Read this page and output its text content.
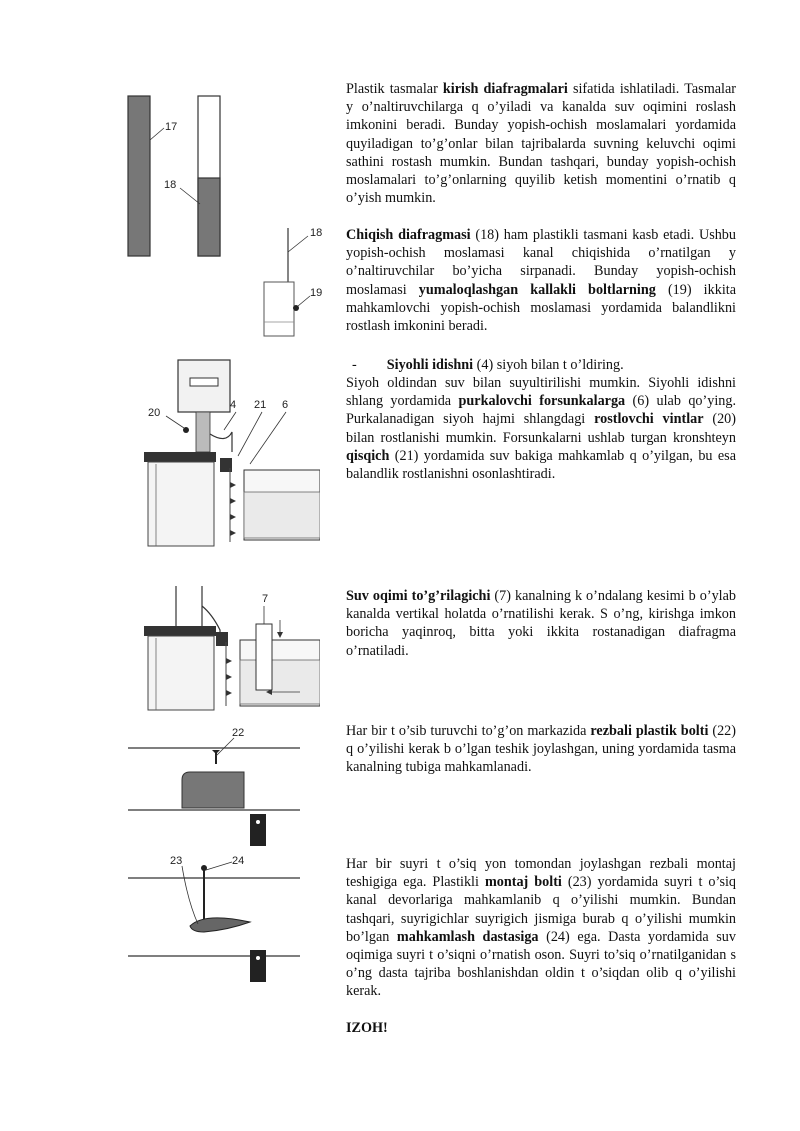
17
18
18
19
20
4 21 6
7
22
23	24

Plastik tasmalar kirish diafragmalari sifatida ishlatiladi. Tasmalar y o’naltiruvchilarga q o’yiladi va kanalda suv oqimini roslash imkonini beradi. Bunday yopish-ochish moslamalari yordamida quyiladigan to’g’onlar bilan tajribalarda suvning keluvchi oqimi sathini rostash mumkin. Bundan tashqari, bunday yopish-ochish moslamalari to’g’onlarning quyilib ketish momentini o’rnatib q o’yish mumkin.

Chiqish diafragmasi (18) ham plastikli tasmani kasb etadi. Ushbu yopish-ochish moslamasi kanal chiqishida o’rnatilgan y o’naltiruvchilar bo’yicha sirpanadi. Bunday yopish-ochish moslamasi yumaloqlashgan kallakli boltlarning (19) ikkita mahkamlovchi yopish-ochish moslamasi yordamida balandlikni rostlash imkonini beradi.

- Siyohli idishni (4) siyoh bilan t o’ldiring.

Siyoh oldindan suv bilan suyultirilishi mumkin. Siyohli idishni shlang yordamida purkalovchi forsunkalarga (6) ulab qo’ying. Purkalanadigan siyoh hajmi shlangdagi rostlovchi vintlar (20) bilan rostlanishi mumkin. Forsunkalarni ushlab turgan kronshteyn qisqich (21) yordamida suv bakiga mahkamlab q o’yilgan, bu esa balandlik rostlanishni osonlashtiradi.

Suv oqimi to’g’rilagichi (7) kanalning k o’ndalang kesimi b o’ylab kanalda vertikal holatda o’rnatilishi kerak. S o’ng, kirishga imkon boricha yaqinroq, bitta yoki ikkita rostanadigan diafragma o’rnatiladi.

Har bir t o’sib turuvchi to’g’on markazida rezbali plastik bolti (22) q o’yilishi kerak b o’lgan teshik joylashgan, uning yordamida tasma kanalning tubiga mahkamlanadi.

Har bir suyri t o’siq yon tomondan joylashgan rezbali montaj teshigiga ega. Plastikli montaj bolti (23) yordamida suyri t o’siq kanal devorlariga mahkamlanib q o’yilishi mumkin. Bundan tashqari, suyrigichlar suyrigich jismiga burab q o’yilishi mumkin bo’lgan mahkamlash dastasiga (24) ega. Dasta yordamida suv oqimiga suyri t o’siqni o’rnatish oson. Suyri to’siq o’rnatilganidan s o’ng dasta tajriba boshlanishdan oldin t o’siqdan olib q o’yilishi kerak.

IZOH!
